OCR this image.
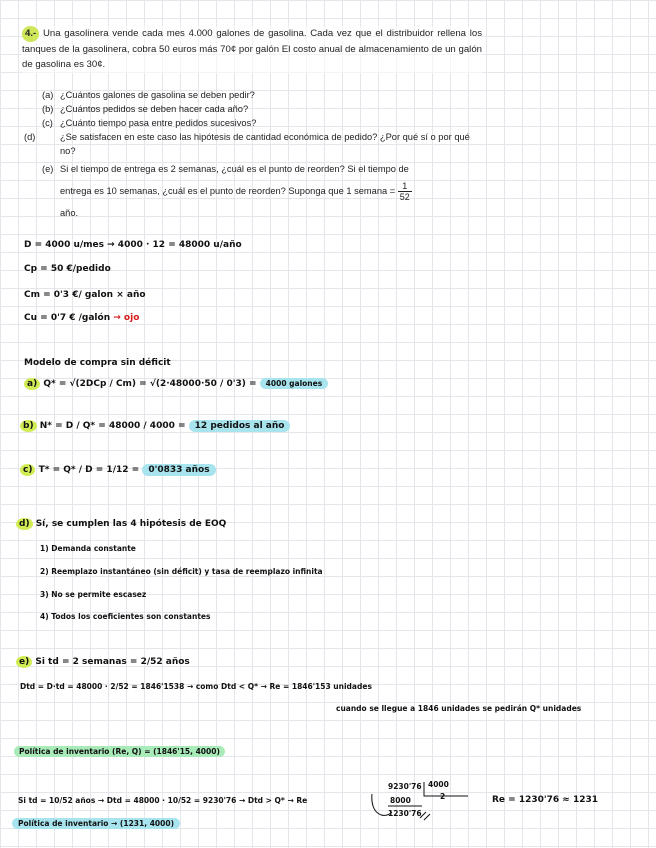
4.- Una gasolinera vende cada mes 4.000 galones de gasolina. Cada vez que el distribuidor rellena los tanques de la gasolinera, cobra 50 euros más 70¢ por galón El costo anual de almacenamiento de un galón de gasolina es 30¢.
(a) ¿Cuántos galones de gasolina se deben pedir?
(b) ¿Cuántos pedidos se deben hacer cada año?
(c) ¿Cuánto tiempo pasa entre pedidos sucesivos?
(d)	¿Se satisfacen en este caso las hipótesis de cantidad económica de pedido? ¿Por qué sí o por qué no?
(e) Si el tiempo de entrega es 2 semanas, ¿cuál es el punto de reorden? Si el tiempo de
entrega es 10 semanas, ¿cuál es el punto de reorden? Suponga que 1 semana = $\frac{1}{52}$
año.
D = 4000 u/mes → 4000 · 12 = 48000 u/año
Cp = 50 €/pedido
Cm = 0'3 €/ galon × año
Cu = 0'7 € /galón → ojo
Modelo de compra sin déficit
a) Q* = √(2DCp / Cm) = √(2·48000·50 / 0'3) = 4000 galones
b) N* = D / Q* = 48000 / 4000 = 12 pedidos al año
c) T* = Q* / D = 1/12 = 0'0833 años
d) Sí, se cumplen las 4 hipótesis de EOQ
1) Demanda constante
2) Reemplazo instantáneo (sin déficit) y tasa de reemplazo infinita
3) No se permite escasez
4) Todos los coeficientes son constantes
e) Si td = 2 semanas = 2/52 años
Dtd = D·td = 48000 · 2/52 = 1846'1538 → como Dtd < Q* → Re = 1846'153 unidades
cuando se llegue a 1846 unidades se pedirán Q* unidades
Política de inventario (Re, Q) = (1846'15, 4000)
Si td = 10/52 años → Dtd = 48000 · 10/52 = 9230'76 → Dtd > Q* → Re
9230'76 4000
2
8000
1230'76
Re = 1230'76 ≈ 1231
Política de inventario → (1231, 4000)
